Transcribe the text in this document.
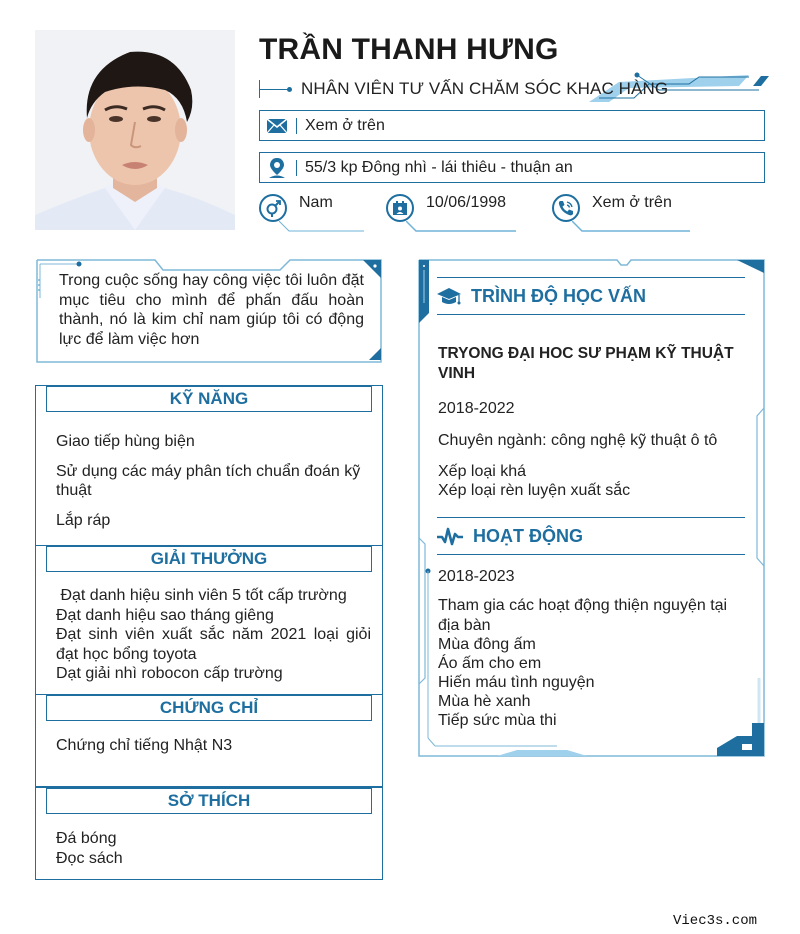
TRẦN THANH HƯNG
NHÂN VIÊN TƯ VẤN CHĂM SÓC KHAC HÀNG
Xem ở trên
55/3 kp Đông nhì - lái thiêu - thuận an
Nam	10/06/1998	Xem ở trên
Trong cuộc sống hay công việc tôi luôn đặt mục tiêu cho mình để phấn đấu hoàn thành, nó là kim chỉ nam giúp tôi có động lực để làm việc hơn
KỸ NĂNG
Giao tiếp hùng biện
Sử dụng các máy phân tích chuẩn đoán kỹ thuật
Lắp ráp
GIẢI THƯỞNG
Đạt danh hiệu sinh viên 5 tốt cấp trường
Đạt danh hiệu sao tháng giêng
Đạt sinh viên xuất sắc năm 2021 loại giỏi đạt học bổng toyota
Dạt giải nhì robocon cấp trường
CHỨNG CHỈ
Chứng chỉ tiếng Nhật N3
SỞ THÍCH
Đá bóng
Đọc sách
TRÌNH ĐỘ HỌC VẤN
TRYONG ĐẠI HOC SƯ PHẠM KỸ THUẬT VINH
2018-2022
Chuyên ngành: công nghệ kỹ thuật ô tô
Xếp loại khá
Xép loại rèn luyện xuất sắc
HOẠT ĐỘNG
2018-2023
Tham gia các hoạt động thiện nguyện tại địa bàn
Mùa đông ấm
Áo ấm cho em
Hiến máu tình nguyện
Mùa hè xanh
Tiếp sức mùa thi
Viec3s.com
